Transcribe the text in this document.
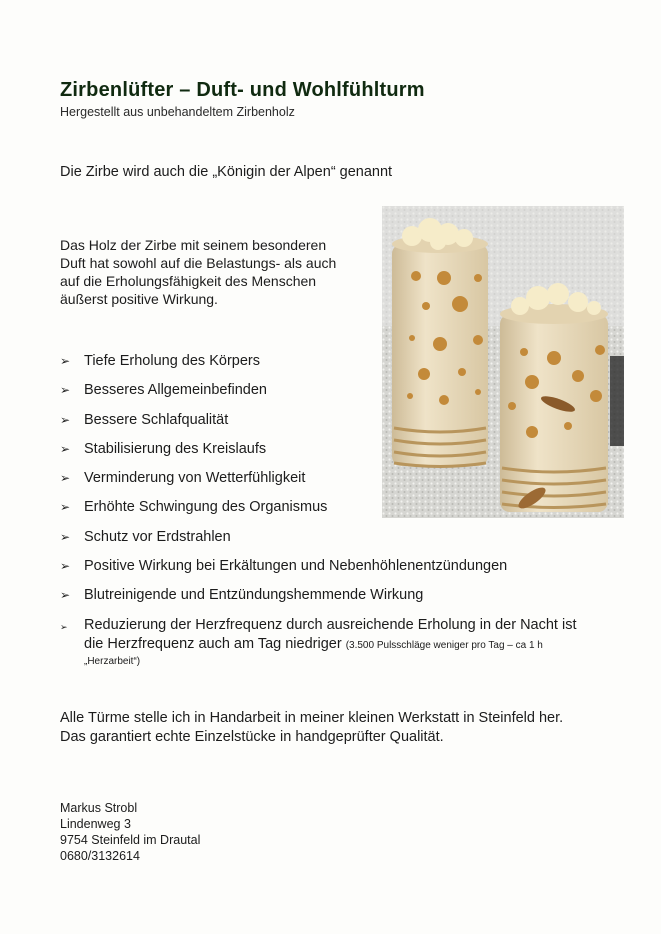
Zirbenlüfter – Duft- und Wohlfühlturm
Hergestellt aus unbehandeltem Zirbenholz
Die Zirbe wird auch die „Königin der Alpen“ genannt
Das Holz der Zirbe mit seinem besonderen
Duft hat sowohl auf die Belastungs- als auch
auf die Erholungsfähigkeit des Menschen
äußerst positive Wirkung.
➢ Tiefe Erholung des Körpers
➢ Besseres Allgemeinbefinden
➢ Bessere Schlafqualität
➢ Stabilisierung des Kreislaufs
➢ Verminderung von Wetterfühligkeit
➢ Erhöhte Schwingung des Organismus
➢ Schutz vor Erdstrahlen
➢ Positive Wirkung bei Erkältungen und Nebenhöhlenentzündungen
➢ Blutreinigende und Entzündungshemmende Wirkung
➢ Reduzierung der Herzfrequenz durch ausreichende Erholung in der Nacht ist
die Herzfrequenz auch am Tag niedriger (3.500 Pulsschläge weniger pro Tag – ca 1 h
„Herzarbeit“)
Alle Türme stelle ich in Handarbeit in meiner kleinen Werkstatt in Steinfeld her.
Das garantiert echte Einzelstücke in handgeprüfter Qualität.
Markus Strobl
Lindenweg 3
9754 Steinfeld im Drautal
0680/3132614
